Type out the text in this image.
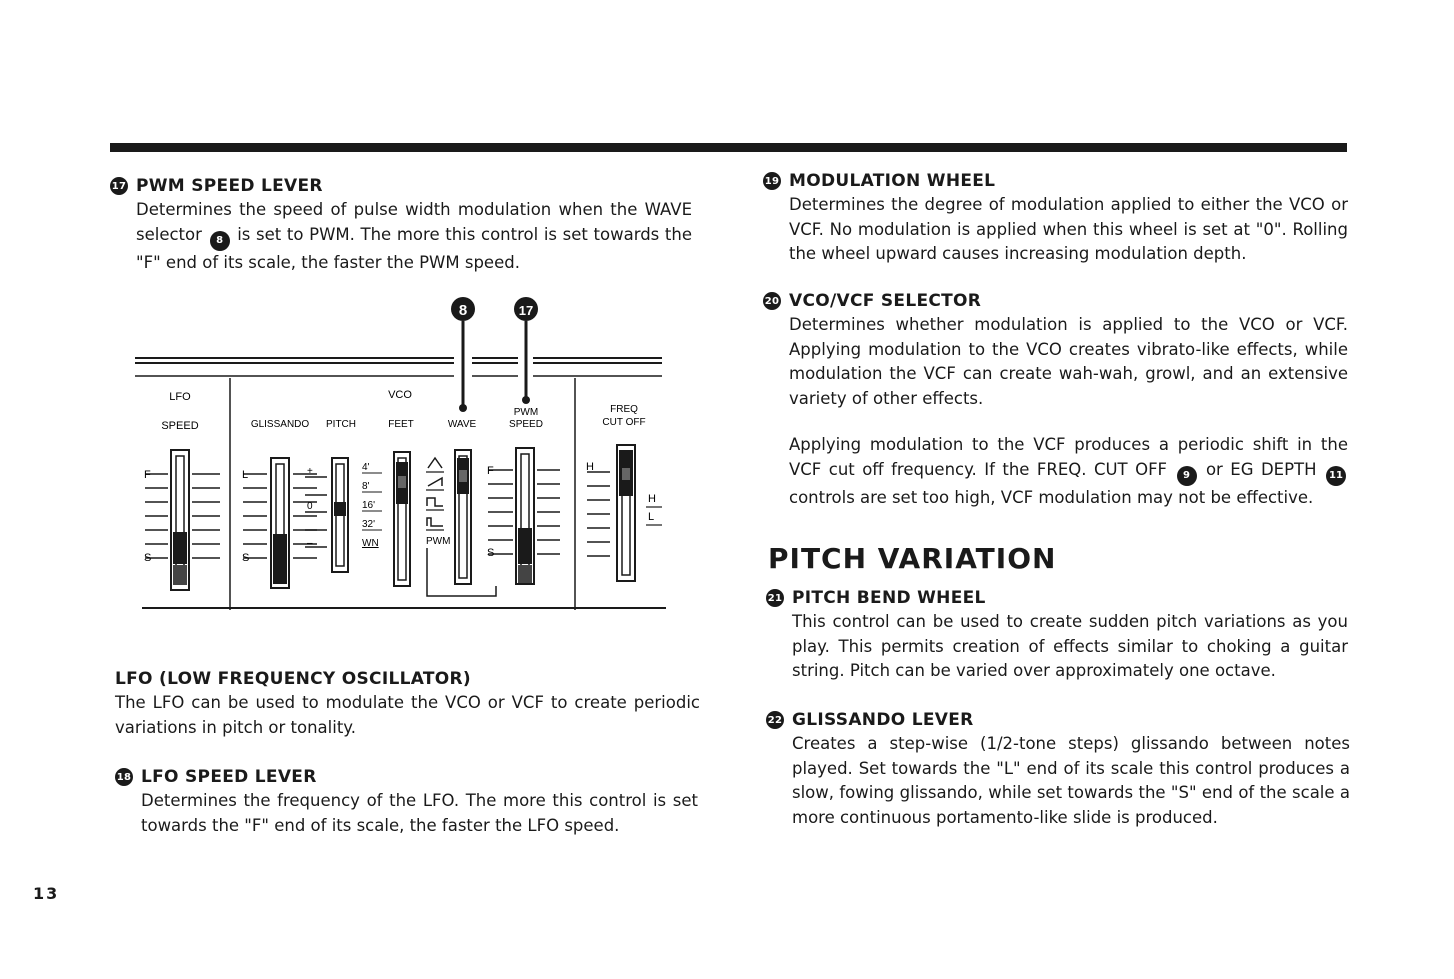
17 PWM SPEED LEVER
Determines the speed of pulse width modulation when the WAVE selector 8 is set to PWM. The more this control is set towards the "F" end of its scale, the faster the PWM speed.
8	17
LFO
SPEED
VCO
GLISSANDO PITCH	FEET	WAVE
PWM
SPEED
FREQ
CUT OFF
F
S
L
S
+
0
–
4'
8'
16'
32'
WN	PWM
F
S
H
H
L
LFO (LOW FREQUENCY OSCILLATOR)
The LFO can be used to modulate the VCO or VCF to create periodic variations in pitch or tonality.
18 LFO SPEED LEVER
Determines the frequency of the LFO. The more this control is set towards the "F" end of its scale, the faster the LFO speed.
19 MODULATION WHEEL
Determines the degree of modulation applied to either the VCO or VCF. No modulation is applied when this wheel is set at "0". Rolling the wheel upward causes increasing modulation depth.
20 VCO/VCF SELECTOR
Determines whether modulation is applied to the VCO or VCF. Applying modulation to the VCO creates vibrato-like effects, while modulation the VCF can create wah-wah, growl, and an extensive variety of other effects.
Applying modulation to the VCF produces a periodic shift in the VCF cut off frequency. If the FREQ. CUT OFF 9 or EG DEPTH 11 controls are set too high, VCF modulation may not be effective.
PITCH VARIATION
21 PITCH BEND WHEEL
This control can be used to create sudden pitch variations as you play. This permits creation of effects similar to choking a guitar string. Pitch can be varied over approximately one octave.
22 GLISSANDO LEVER
Creates a step-wise (1/2-tone steps) glissando between notes played. Set towards the "L" end of its scale this control produces a slow, fowing glissando, while set towards the "S" end of the scale a more continuous portamento-like slide is produced.
13
